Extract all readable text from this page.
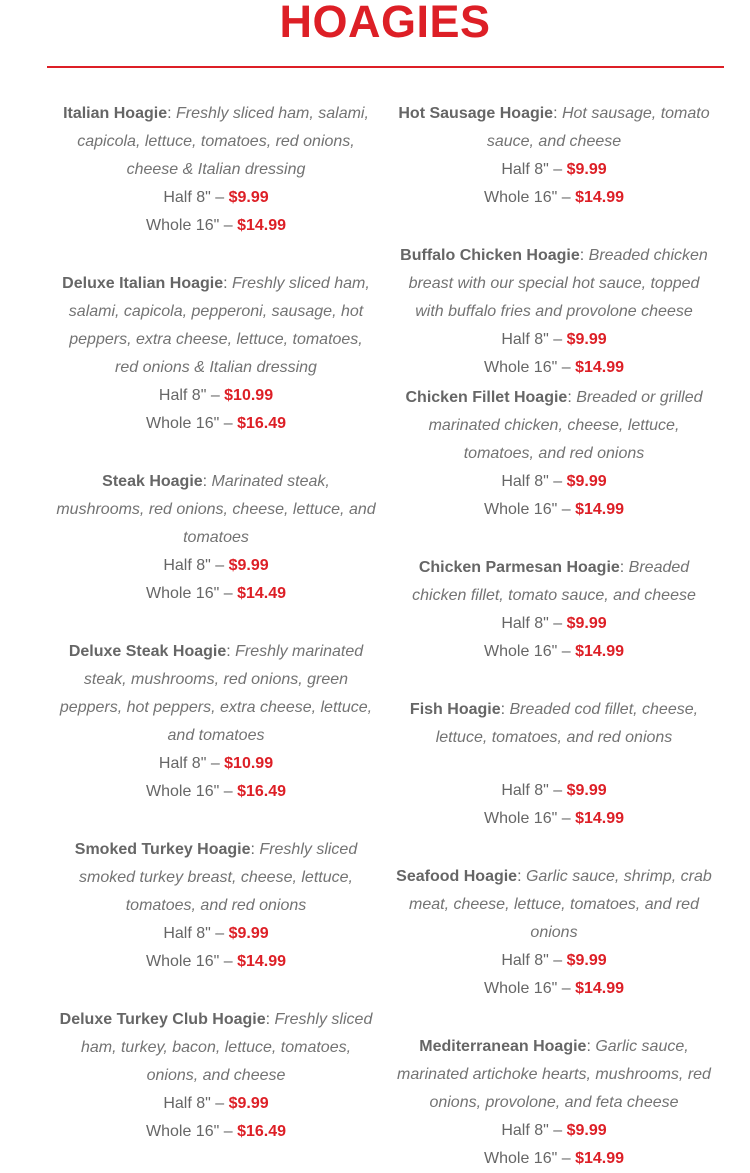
HOAGIES
Italian Hoagie: Freshly sliced ham, salami, capicola, lettuce, tomatoes, red onions, cheese & Italian dressing
Half 8" – $9.99
Whole 16" – $14.99
Deluxe Italian Hoagie: Freshly sliced ham, salami, capicola, pepperoni, sausage, hot peppers, extra cheese, lettuce, tomatoes, red onions & Italian dressing
Half 8" – $10.99
Whole 16" – $16.49
Steak Hoagie: Marinated steak, mushrooms, red onions, cheese, lettuce, and tomatoes
Half 8" – $9.99
Whole 16" – $14.49
Deluxe Steak Hoagie: Freshly marinated steak, mushrooms, red onions, green peppers, hot peppers, extra cheese, lettuce, and tomatoes
Half 8" – $10.99
Whole 16" – $16.49
Smoked Turkey Hoagie: Freshly sliced smoked turkey breast, cheese, lettuce, tomatoes, and red onions
Half 8" – $9.99
Whole 16" – $14.99
Deluxe Turkey Club Hoagie: Freshly sliced ham, turkey, bacon, lettuce, tomatoes, onions, and cheese
Half 8" – $9.99
Whole 16" – $16.49
Hot Sausage Hoagie: Hot sausage, tomato sauce, and cheese
Half 8" – $9.99
Whole 16" – $14.99
Buffalo Chicken Hoagie: Breaded chicken breast with our special hot sauce, topped with buffalo fries and provolone cheese
Half 8" – $9.99
Whole 16" – $14.99
Chicken Fillet Hoagie: Breaded or grilled marinated chicken, cheese, lettuce, tomatoes, and red onions
Half 8" – $9.99
Whole 16" – $14.99
Chicken Parmesan Hoagie: Breaded chicken fillet, tomato sauce, and cheese
Half 8" – $9.99
Whole 16" – $14.99
Fish Hoagie: Breaded cod fillet, cheese, lettuce, tomatoes, and red onions
Half 8" – $9.99
Whole 16" – $14.99
Seafood Hoagie: Garlic sauce, shrimp, crab meat, cheese, lettuce, tomatoes, and red onions
Half 8" – $9.99
Whole 16" – $14.99
Mediterranean Hoagie: Garlic sauce, marinated artichoke hearts, mushrooms, red onions, provolone, and feta cheese
Half 8" – $9.99
Whole 16" – $14.99
